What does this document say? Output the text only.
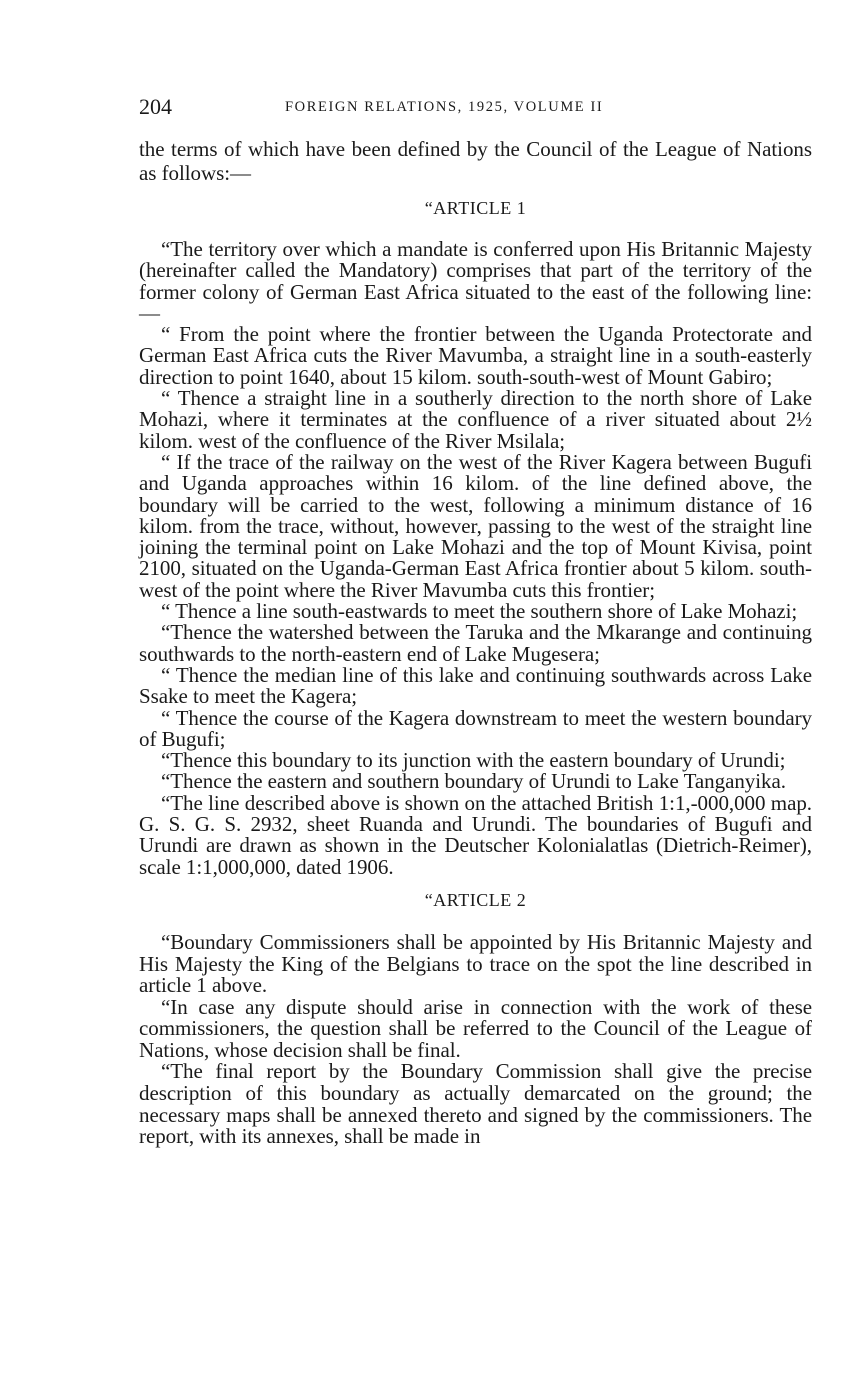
204	FOREIGN RELATIONS, 1925, VOLUME II

the terms of which have been defined by the Council of the League of Nations as follows:—

“ARTICLE 1

“The territory over which a mandate is conferred upon His Britannic Majesty (hereinafter called the Mandatory) comprises that part of the territory of the former colony of German East Africa situated to the east of the following line:—

“ From the point where the frontier between the Uganda Protectorate and German East Africa cuts the River Mavumba, a straight line in a south-easterly direction to point 1640, about 15 kilom. south-south-west of Mount Gabiro;

“ Thence a straight line in a southerly direction to the north shore of Lake Mohazi, where it terminates at the confluence of a river situated about 2½ kilom. west of the confluence of the River Msilala;

“ If the trace of the railway on the west of the River Kagera between Bugufi and Uganda approaches within 16 kilom. of the line defined above, the boundary will be carried to the west, following a minimum distance of 16 kilom. from the trace, without, however, passing to the west of the straight line joining the terminal point on Lake Mohazi and the top of Mount Kivisa, point 2100, situated on the Uganda-German East Africa frontier about 5 kilom. south-west of the point where the River Mavumba cuts this frontier;

“ Thence a line south-eastwards to meet the southern shore of Lake Mohazi;

“Thence the watershed between the Taruka and the Mkarange and continuing southwards to the north-eastern end of Lake Mugesera;

“ Thence the median line of this lake and continuing southwards across Lake Ssake to meet the Kagera;

“ Thence the course of the Kagera downstream to meet the western boundary of Bugufi;

“Thence this boundary to its junction with the eastern boundary of Urundi;

“Thence the eastern and southern boundary of Urundi to Lake Tanganyika.

“The line described above is shown on the attached British 1:1,-000,000 map. G. S. G. S. 2932, sheet Ruanda and Urundi. The boundaries of Bugufi and Urundi are drawn as shown in the Deutscher Kolonialatlas (Dietrich-Reimer), scale 1:1,000,000, dated 1906.

“ARTICLE 2

“Boundary Commissioners shall be appointed by His Britannic Majesty and His Majesty the King of the Belgians to trace on the spot the line described in article 1 above.

“In case any dispute should arise in connection with the work of these commissioners, the question shall be referred to the Council of the League of Nations, whose decision shall be final.

“The final report by the Boundary Commission shall give the precise description of this boundary as actually demarcated on the ground; the necessary maps shall be annexed thereto and signed by the commissioners. The report, with its annexes, shall be made in
